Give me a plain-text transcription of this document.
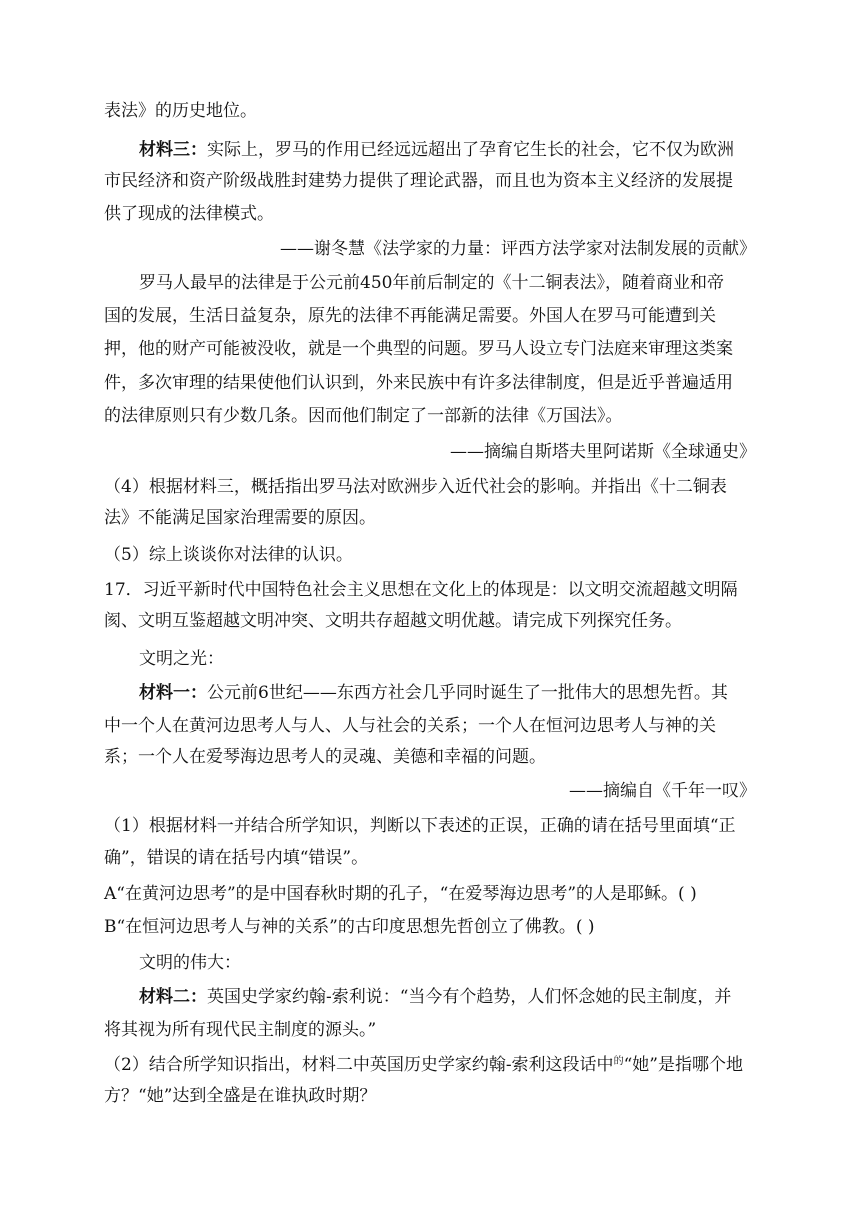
表法》的历史地位。
材料三：实际上，罗马的作用已经远远超出了孕育它生长的社会，它不仅为欧洲
市民经济和资产阶级战胜封建势力提供了理论武器，而且也为资本主义经济的发展提
供了现成的法律模式。
——谢冬慧《法学家的力量：评西方法学家对法制发展的贡献》
罗马人最早的法律是于公元前450年前后制定的《十二铜表法》，随着商业和帝
国的发展，生活日益复杂，原先的法律不再能满足需要。外国人在罗马可能遭到关
押，他的财产可能被没收，就是一个典型的问题。罗马人设立专门法庭来审理这类案
件，多次审理的结果使他们认识到，外来民族中有许多法律制度，但是近乎普遍适用
的法律原则只有少数几条。因而他们制定了一部新的法律《万国法》。
——摘编自斯塔夫里阿诺斯《全球通史》
（4）根据材料三，概括指出罗马法对欧洲步入近代社会的影响。并指出《十二铜表
法》不能满足国家治理需要的原因。
（5）综上谈谈你对法律的认识。
17．习近平新时代中国特色社会主义思想在文化上的体现是：以文明交流超越文明隔
阂、文明互鉴超越文明冲突、文明共存超越文明优越。请完成下列探究任务。
文明之光：
材料一：公元前6世纪——东西方社会几乎同时诞生了一批伟大的思想先哲。其
中一个人在黄河边思考人与人、人与社会的关系；一个人在恒河边思考人与神的关
系；一个人在爱琴海边思考人的灵魂、美德和幸福的问题。
——摘编自《千年一叹》
（1）根据材料一并结合所学知识，判断以下表述的正误，正确的请在括号里面填“正
确”，错误的请在括号内填“错误”。
A“在黄河边思考”的是中国春秋时期的孔子，“在爱琴海边思考”的人是耶稣。( )
B“在恒河边思考人与神的关系”的古印度思想先哲创立了佛教。( )
文明的伟大：
材料二：英国史学家约翰-索利说：“当今有个趋势，人们怀念她的民主制度，并
将其视为所有现代民主制度的源头。”
（2）结合所学知识指出，材料二中英国历史学家约翰-索利这段话中$^的$“她”是指哪个地
方？“她”达到全盛是在谁执政时期？
